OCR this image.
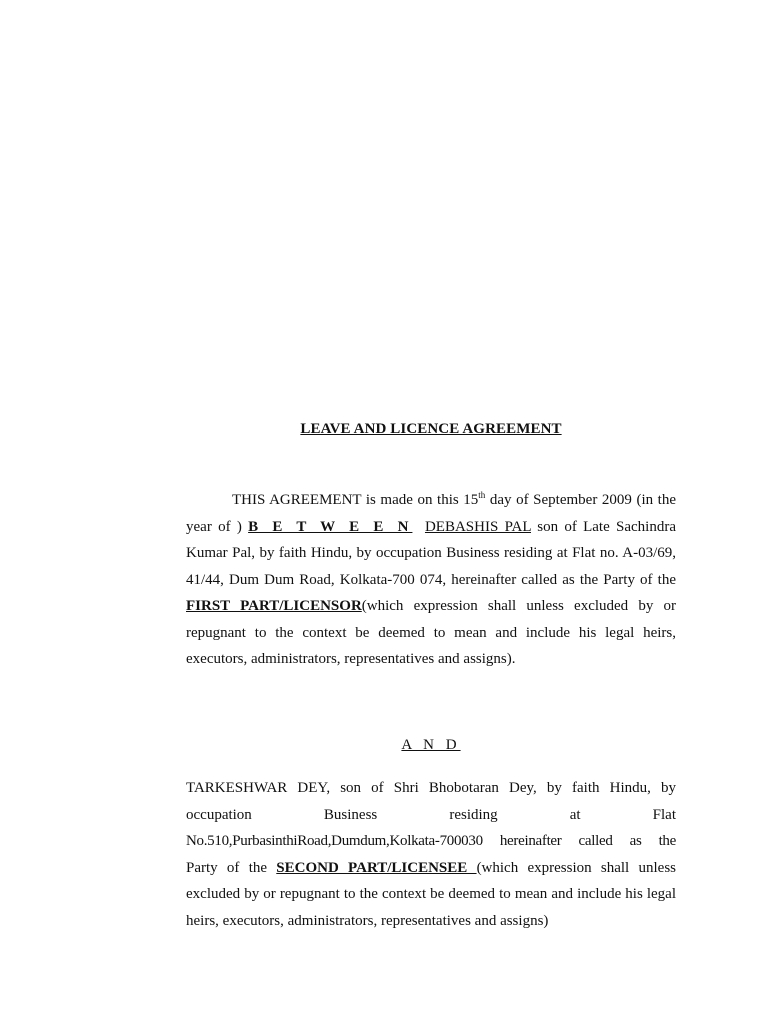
LEAVE AND LICENCE AGREEMENT
THIS AGREEMENT is made on this 15th day of September 2009 (in the year of ) B E T W E E N DEBASHIS PAL son of Late Sachindra Kumar Pal, by faith Hindu, by occupation Business residing at Flat no. A-03/69, 41/44, Dum Dum Road, Kolkata-700 074, hereinafter called as the Party of the FIRST PART/LICENSOR(which expression shall unless excluded by or repugnant to the context be deemed to mean and include his legal heirs, executors, administrators, representatives and assigns).
A N D
TARKESHWAR DEY, son of Shri Bhobotaran Dey, by faith Hindu, by
occupation Business residing at Flat
No.510,PurbasinthiRoad,Dumdum,Kolkata-700030 hereinafter called as the
Party of the SECOND PART/LICENSEE (which expression shall unless excluded by or repugnant to the context be deemed to mean and include his legal heirs, executors, administrators, representatives and assigns)
